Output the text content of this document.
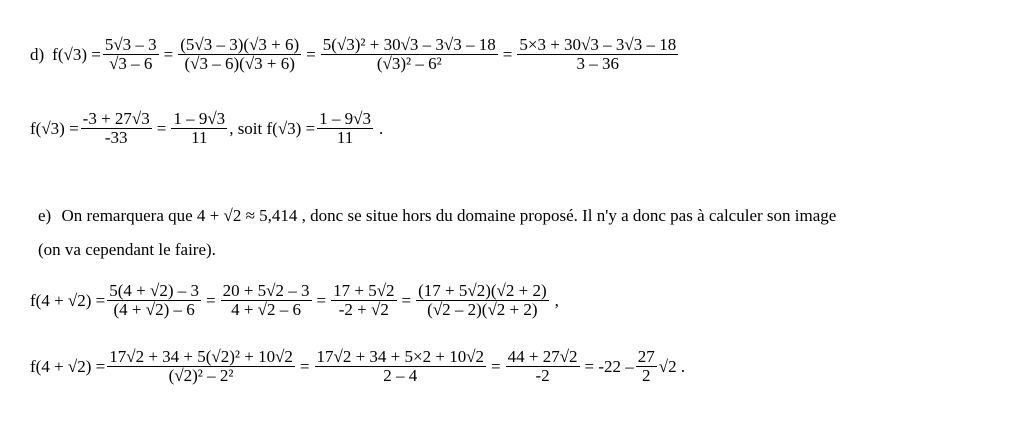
d) $f(√3) = \frac{5√3 - 3}{√3 - 6} = \frac{(5√3 - 3)(√3 + 6)}{(√3 - 6)(√3 + 6)} = \frac{\text{5(√3)² + 30√3 – 3√3 – 18}}{\text{(√3)² – 6²}} = \frac{5\times 3 + 30√3 - 3√3 - 18}{3 - 36}$
$f(√3) = \frac{-3 + 27√3}{-33} = \frac{1 - 9√3}{11}$ , soit $f(√3) = \frac{1 - 9√3}{11}$ .
e) On remarquera que 4 + √2 ≈ 5,414 , donc se situe hors du domaine proposé. Il n'y a donc pas à calculer son image
(on va cependant le faire).
$f(4 + √2) = \frac{5(4 + √2) - 3}{(4 + √2) - 6} = \frac{20 + 5√2 - 3}{4 + √2 - 6} = \frac{17 + 5√2}{-2 + √2} = \frac{(17 + 5√2)(√2 + 2)}{(√2 - 2)(√2 + 2)}$ ,
$f(4 + √2) = \frac{\text{17√2 + 34 + 5(√2)² + 10√2}}{\text{(√2)² – 2²}} = \frac{17√2 + 34 + 5\times 2 + 10√2}{2 - 4} = \frac{44 + 27√2}{-2} = -22 - \frac{27}{2} √2$ .
